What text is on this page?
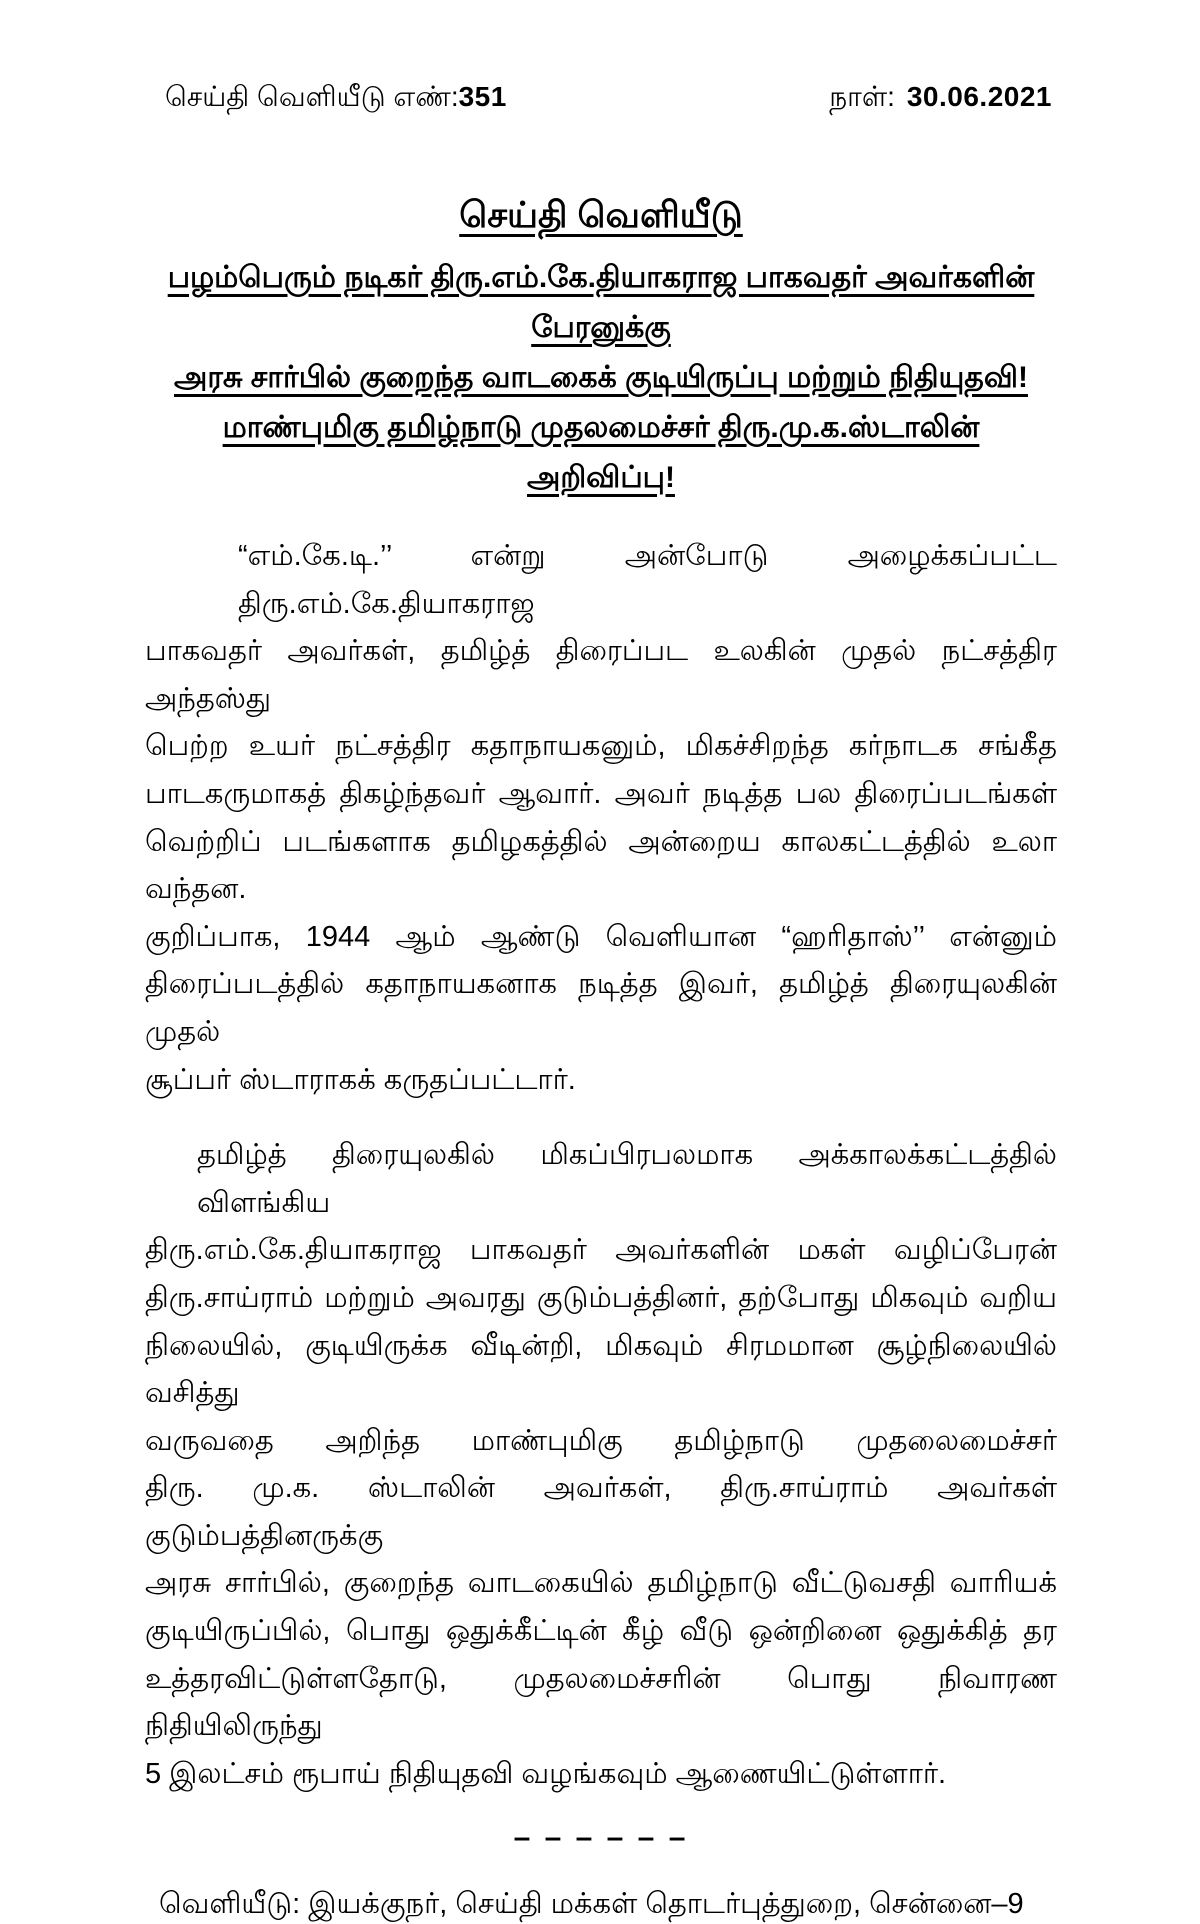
செய்தி வெளியீடு எண்:351	நாள்: 30.06.2021
செய்தி வெளியீடு
பழம்பெரும் நடிகர் திரு.எம்.கே.தியாகராஜ பாகவதர் அவர்களின் பேரனுக்கு
அரசு சார்பில் குறைந்த வாடகைக் குடியிருப்பு மற்றும் நிதியுதவி!
மாண்புமிகு தமிழ்நாடு முதலமைச்சர் திரு.மு.க.ஸ்டாலின் அறிவிப்பு!
“எம்.கே.டி.’’ என்று அன்போடு அழைக்கப்பட்ட திரு.எம்.கே.தியாகராஜ
பாகவதர் அவர்கள், தமிழ்த் திரைப்பட உலகின் முதல் நட்சத்திர அந்தஸ்து
பெற்ற உயர் நட்சத்திர கதாநாயகனும், மிகச்சிறந்த கர்நாடக சங்கீத
பாடகருமாகத் திகழ்ந்தவர் ஆவார். அவர் நடித்த பல திரைப்படங்கள்
வெற்றிப் படங்களாக தமிழகத்தில் அன்றைய காலகட்டத்தில் உலா வந்தன.
குறிப்பாக, 1944 ஆம் ஆண்டு வெளியான “ஹரிதாஸ்’’ என்னும்
திரைப்படத்தில் கதாநாயகனாக நடித்த இவர், தமிழ்த் திரையுலகின் முதல்
சூப்பர் ஸ்டாராகக் கருதப்பட்டார்.
தமிழ்த் திரையுலகில் மிகப்பிரபலமாக அக்காலக்கட்டத்தில் விளங்கிய
திரு.எம்.கே.தியாகராஜ பாகவதர் அவர்களின் மகள் வழிப்பேரன்
திரு.சாய்ராம் மற்றும் அவரது குடும்பத்தினர், தற்போது மிகவும் வறிய
நிலையில், குடியிருக்க வீடின்றி, மிகவும் சிரமமான சூழ்நிலையில் வசித்து
வருவதை அறிந்த மாண்புமிகு தமிழ்நாடு முதலைமைச்சர்
திரு. மு.க. ஸ்டாலின் அவர்கள், திரு.சாய்ராம் அவர்கள் குடும்பத்தினருக்கு
அரசு சார்பில், குறைந்த வாடகையில் தமிழ்நாடு வீட்டுவசதி வாரியக்
குடியிருப்பில், பொது ஒதுக்கீட்டின் கீழ் வீடு ஒன்றினை ஒதுக்கித் தர
உத்தரவிட்டுள்ளதோடு, முதலமைச்சரின் பொது நிவாரண நிதியிலிருந்து
5 இலட்சம் ரூபாய் நிதியுதவி வழங்கவும் ஆணையிட்டுள்ளார்.
– – – – – –
வெளியீடு: இயக்குநர், செய்தி மக்கள் தொடர்புத்துறை, சென்னை–9
